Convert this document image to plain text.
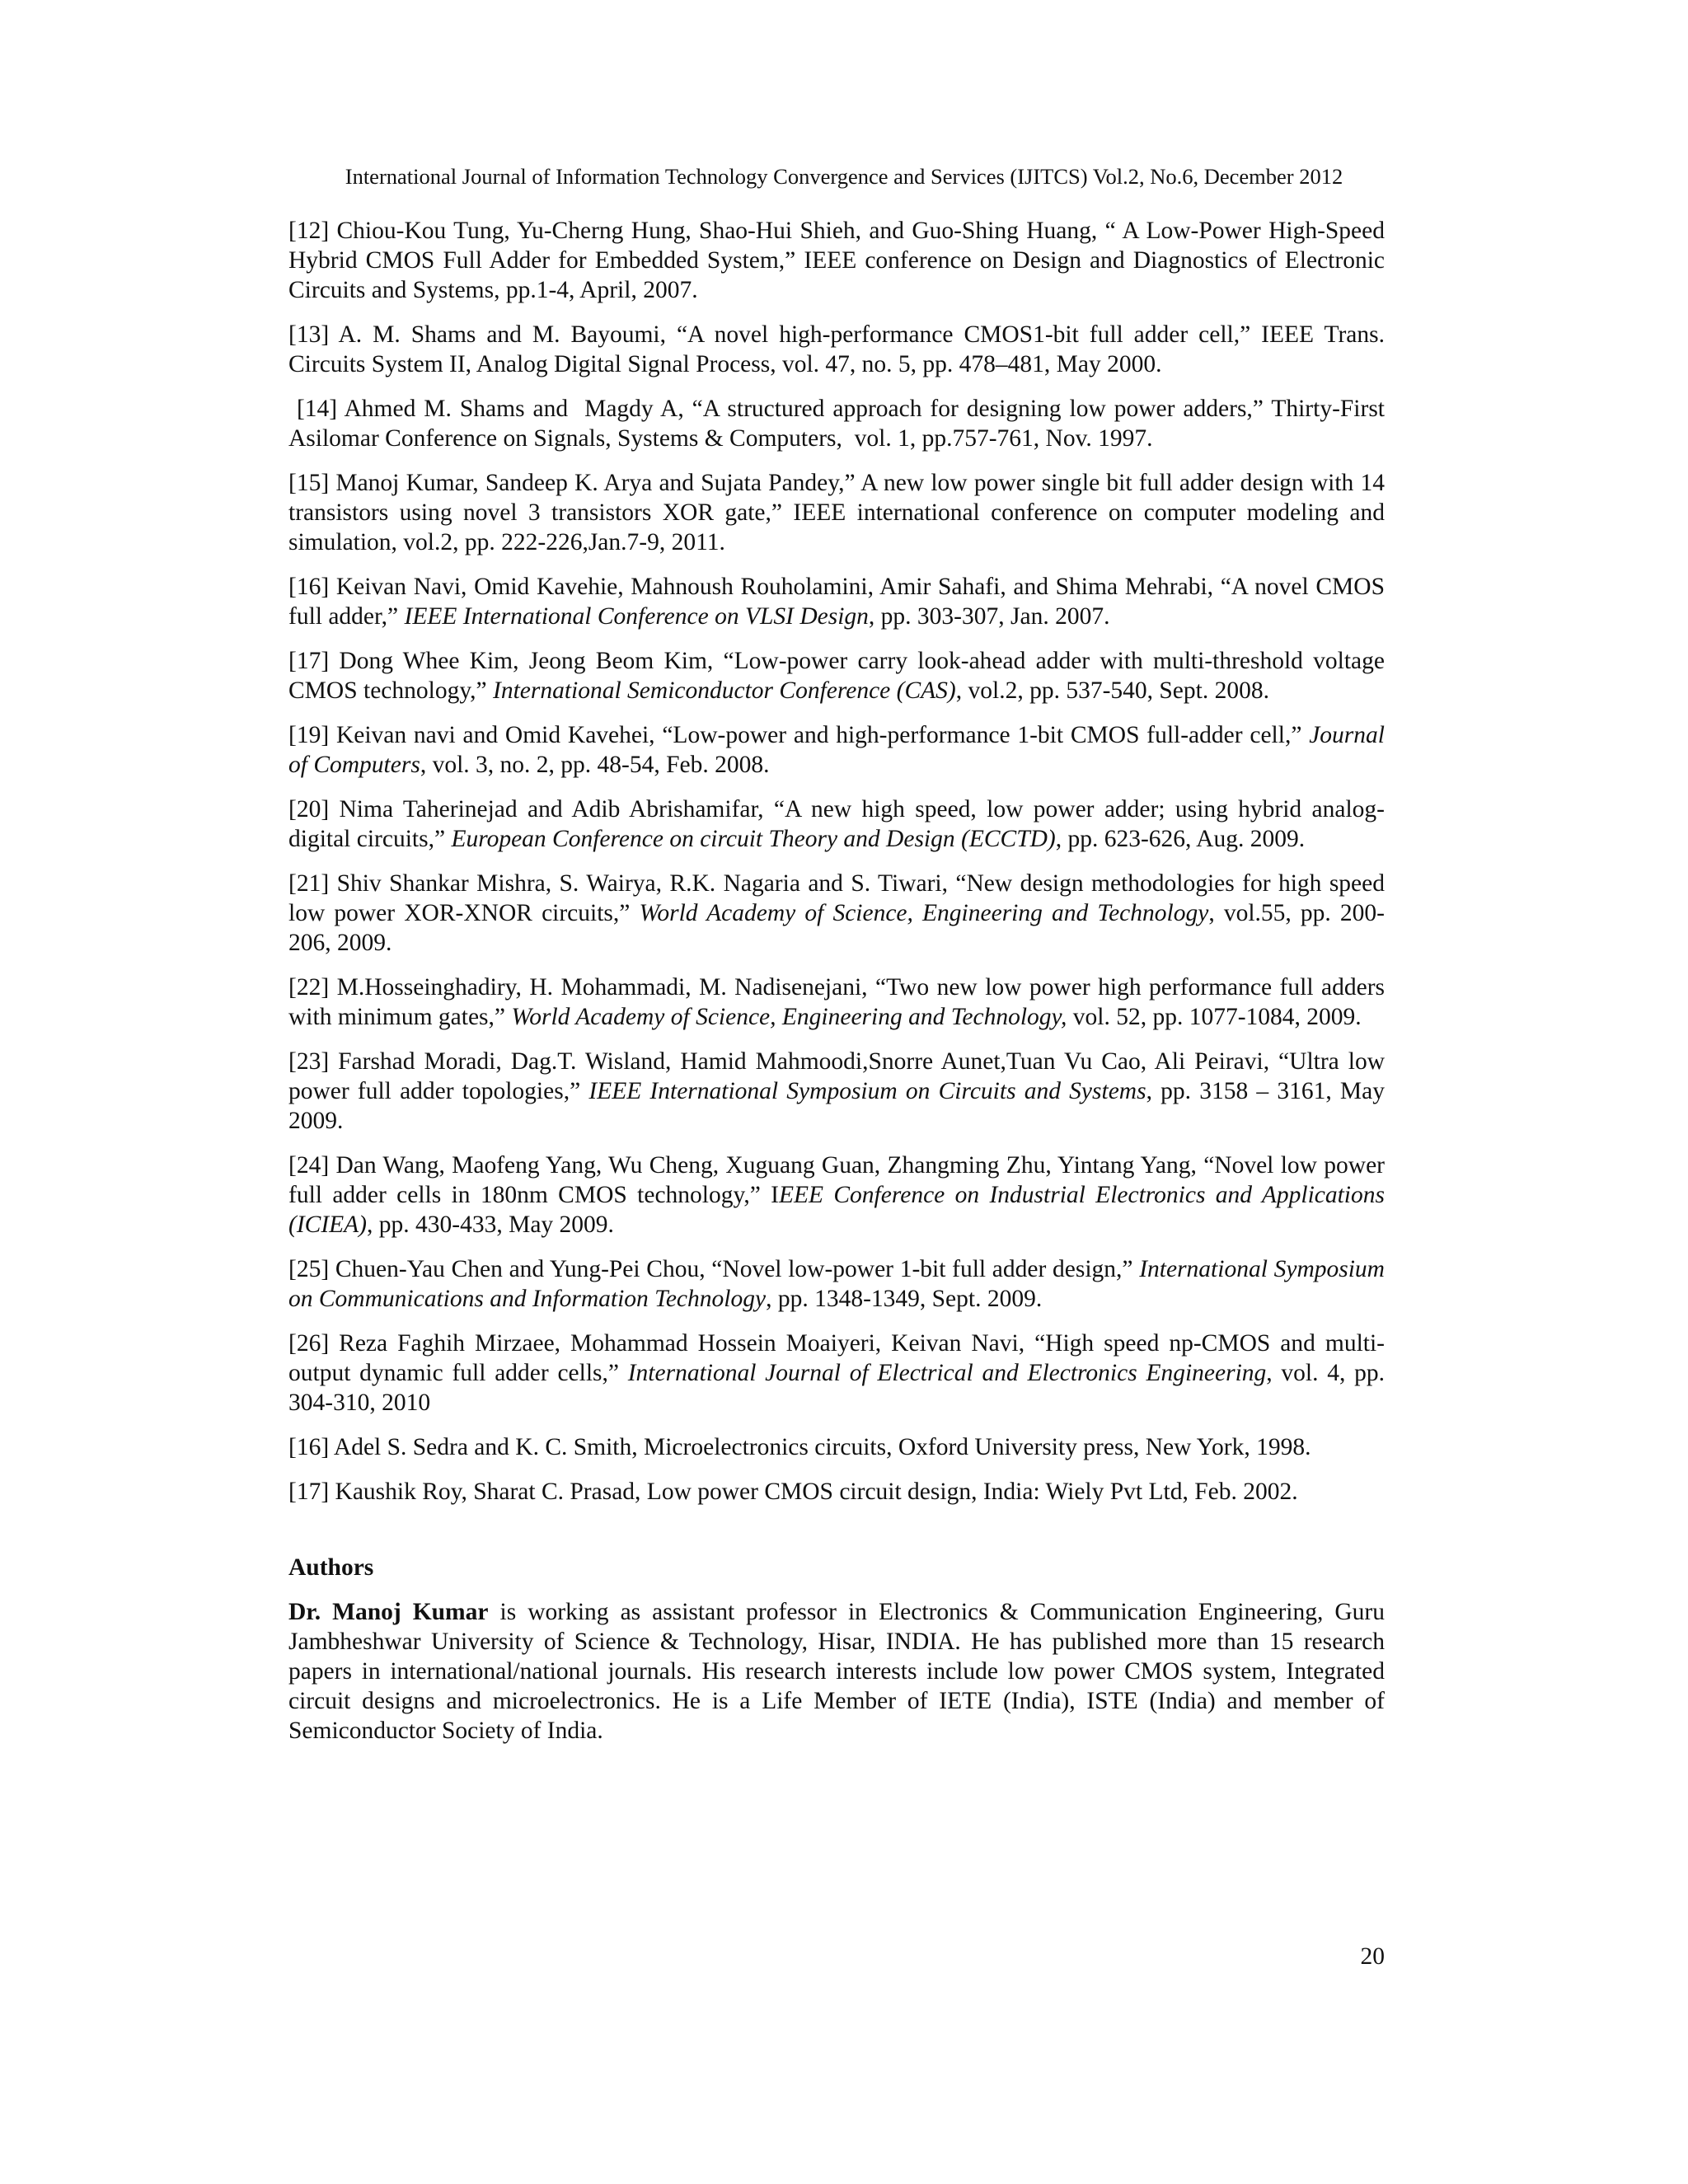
International Journal of Information Technology Convergence and Services (IJITCS) Vol.2, No.6, December 2012

[12] Chiou-Kou Tung, Yu-Cherng Hung, Shao-Hui Shieh, and Guo-Shing Huang, “ A Low-Power High-Speed Hybrid CMOS Full Adder for Embedded System,” IEEE conference on Design and Diagnostics of Electronic Circuits and Systems, pp.1-4, April, 2007.

[13] A. M. Shams and M. Bayoumi, “A novel high-performance CMOS1-bit full adder cell,” IEEE Trans. Circuits System II, Analog Digital Signal Process, vol. 47, no. 5, pp. 478–481, May 2000.

[14] Ahmed M. Shams and  Magdy A, “A structured approach for designing low power adders,” Thirty-First Asilomar Conference on Signals, Systems & Computers,  vol. 1, pp.757-761, Nov. 1997.

[15] Manoj Kumar, Sandeep K. Arya and Sujata Pandey,” A new low power single bit full adder design with 14 transistors using novel 3 transistors XOR gate,” IEEE international conference on computer modeling and simulation, vol.2, pp. 222-226,Jan.7-9, 2011.

[16] Keivan Navi, Omid Kavehie, Mahnoush Rouholamini, Amir Sahafi, and Shima Mehrabi, “A novel CMOS full adder,” IEEE International Conference on VLSI Design, pp. 303-307, Jan. 2007.

[17] Dong Whee Kim, Jeong Beom Kim, “Low-power carry look-ahead adder with multi-threshold voltage CMOS technology,” International Semiconductor Conference (CAS), vol.2, pp. 537-540, Sept. 2008.

[19] Keivan navi and Omid Kavehei, “Low-power and high-performance 1-bit CMOS full-adder cell,” Journal of Computers, vol. 3, no. 2, pp. 48-54, Feb. 2008.

[20] Nima Taherinejad and Adib Abrishamifar, “A new high speed, low power adder; using hybrid analog-digital circuits,” European Conference on circuit Theory and Design (ECCTD), pp. 623-626, Aug. 2009.

[21] Shiv Shankar Mishra, S. Wairya, R.K. Nagaria and S. Tiwari, “New design methodologies for high speed low power XOR-XNOR circuits,” World Academy of Science, Engineering and Technology, vol.55, pp. 200-206, 2009.

[22] M.Hosseinghadiry, H. Mohammadi, M. Nadisenejani, “Two new low power high performance full adders with minimum gates,” World Academy of Science, Engineering and Technology, vol. 52, pp. 1077-1084, 2009.

[23] Farshad Moradi, Dag.T. Wisland, Hamid Mahmoodi,Snorre Aunet,Tuan Vu Cao, Ali Peiravi, “Ultra low power full adder topologies,” IEEE International Symposium on Circuits and Systems, pp. 3158 – 3161, May 2009.

[24] Dan Wang, Maofeng Yang, Wu Cheng, Xuguang Guan, Zhangming Zhu, Yintang Yang, “Novel low power full adder cells in 180nm CMOS technology,” IEEE Conference on Industrial Electronics and Applications (ICIEA), pp. 430-433, May 2009.

[25] Chuen-Yau Chen and Yung-Pei Chou, “Novel low-power 1-bit full adder design,” International Symposium on Communications and Information Technology, pp. 1348-1349, Sept. 2009.

[26] Reza Faghih Mirzaee, Mohammad Hossein Moaiyeri, Keivan Navi, “High speed np-CMOS and multi-output dynamic full adder cells,” International Journal of Electrical and Electronics Engineering, vol. 4, pp. 304-310, 2010

[16] Adel S. Sedra and K. C. Smith, Microelectronics circuits, Oxford University press, New York, 1998.

[17] Kaushik Roy, Sharat C. Prasad, Low power CMOS circuit design, India: Wiely Pvt Ltd, Feb. 2002.

Authors

Dr. Manoj Kumar is working as assistant professor in Electronics & Communication Engineering, Guru Jambheshwar University of Science & Technology, Hisar, INDIA. He has published more than 15 research papers in international/national journals. His research interests include low power CMOS system, Integrated circuit designs and microelectronics. He is a Life Member of IETE (India), ISTE (India) and member of Semiconductor Society of India.

20
